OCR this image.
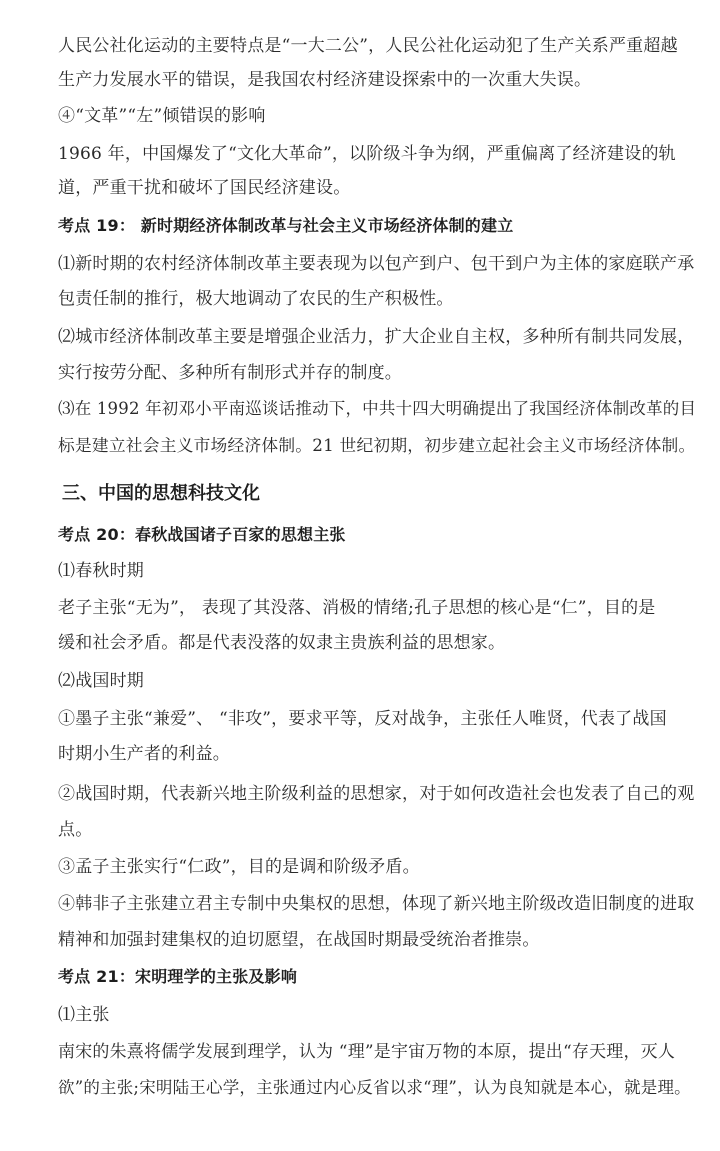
人民公社化运动的主要特点是“一大二公”，人民公社化运动犯了生产关系严重超越
生产力发展水平的错误，是我国农村经济建设探索中的一次重大失误。
④“文革”“左”倾错误的影响
1966 年，中国爆发了“文化大革命”，以阶级斗争为纲，严重偏离了经济建设的轨
道，严重干扰和破坏了国民经济建设。
考点 19： 新时期经济体制改革与社会主义市场经济体制的建立
⑴新时期的农村经济体制改革主要表现为以包产到户、包干到户为主体的家庭联产承
包责任制的推行，极大地调动了农民的生产积极性。
⑵城市经济体制改革主要是增强企业活力，扩大企业自主权，多种所有制共同发展，
实行按劳分配、多种所有制形式并存的制度。
⑶在 1992 年初邓小平南巡谈话推动下，中共十四大明确提出了我国经济体制改革的目
标是建立社会主义市场经济体制。21 世纪初期，初步建立起社会主义市场经济体制。
三、中国的思想科技文化
考点 20：春秋战国诸子百家的思想主张
⑴春秋时期
老子主张“无为”， 表现了其没落、消极的情绪;孔子思想的核心是“仁”，目的是
缓和社会矛盾。都是代表没落的奴隶主贵族利益的思想家。
⑵战国时期
①墨子主张“兼爱”、 “非攻”，要求平等，反对战争，主张任人唯贤，代表了战国
时期小生产者的利益。
②战国时期，代表新兴地主阶级利益的思想家，对于如何改造社会也发表了自己的观
点。
③孟子主张实行“仁政”，目的是调和阶级矛盾。
④韩非子主张建立君主专制中央集权的思想，体现了新兴地主阶级改造旧制度的进取
精神和加强封建集权的迫切愿望，在战国时期最受统治者推崇。
考点 21：宋明理学的主张及影响
⑴主张
南宋的朱熹将儒学发展到理学，认为 “理”是宇宙万物的本原，提出“存天理，灭人
欲”的主张;宋明陆王心学，主张通过内心反省以求“理”，认为良知就是本心，就是理。
